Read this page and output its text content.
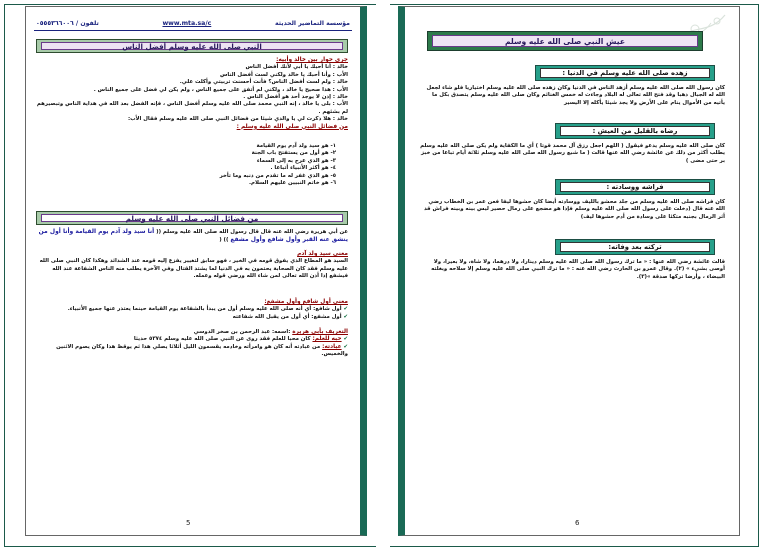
مؤسسة التماضير الحديثة
www.mta.sa/c
تلفون / ٠٥٥٥٣٦٦٠٠٦
النبي صلى الله عليه وسلم أفضل الناس
جرى حوار بين خالد وأبيه:
خالد : أنا أحبك يا أبي لأنك أفضل الناس
الأب : وأنا أحبك يا خالد ولكني لست أفضل الناس
خالد : ولم لست أفضل الناس؟ فأنت أحسنت تربيتي وأكلت علي.
الأب : هذا صحيح يا خالد ، ولكني لم أتفق على جميع الناس ، ولم يكن لي فضل على جميع الناس .
خالد : إذن لا يوجد أحد هو أفضل الناس .
الأب : بلى يا خالد ، إنه النبي محمد صلى الله عليه وسلم أفضل الناس ، فإنه الفضل بعد الله في هداية الناس وتبصيرهم لم بشئهم .
خالد : هلا ذكرت لي يا والدي شيئا من فضائل النبي صلى الله عليه وسلم فقال الأب:
من فضائل النبي صلى الله عليه وسلم :
١- هو سيد ولد آدم يوم القيامة
٢- هو أول من يستفتح باب الجنة
٣- هو الذي عرج به إلى السماء
٤- هو أكثر الأنبياء أتباعا .
٥- هو الذي غفر له ما تقدم من ذنبه وما تأخر
٦- هو خاتم النبيين عليهم السلام.
من فضائل النبي صلى الله عليه وسلم
عن أبي هريرة رضي الله عنه قال قال رسول الله صلى الله عليه وسلم (( أنا سيد ولد آدم يوم القيامة وأنا أول من ينشق عنه القبر وأول شافع وأول مشفع )) (
معنى سيد ولد آدم
السيد هو المطاع الذي يفوق قومه في الخير ، فهو سابق لتغيير يفزع إليه قومه عند الشدائد وهكذا كان النبي صلى الله عليه وسلم فقد كان الصحابة يحتمون به في الدنيا لما يشتد القتال وفي الآخرة يطلب منه الناس الشفاعة عند الله فيشفع إذا أذن الله تعالى لمن شاء الله ورضي قوله وعمله.
معنى أول شافع وأول مشفع:
✔ أول شافع: أي أنه صلى الله عليه وسلم أول من يبدأ بالشفاعة يوم القيامة حينما يعتذر عنها جميع الأنبياء.
✔ أول مشفع: أي أول من يقبل الله شفاعته
التعريف بأبي هريرة :اسمه: عبد الرحمن بن صخر الدوسي
✔ حبه للعلم: كان محبا للعلم فقد روى عن النبي صلى الله عليه وسلم ٥٣٧٤ حديثا
✔ عبادته: من عبادته أنه كان هو وامرأته وخادمه يقسمون الليل أثلاثا يصلي هذا ثم يوقظ هذا وكان يصوم الاثنين والخميس.
5
عيش النبي صلى الله عليه وسلم
زهده صلى الله عليه وسلم في الدنيا :
كان رسول الله صلى الله عليه وسلم أزهد الناس في الدنيا وكان زهده صلى الله عليه وسلم اختياريا فلو شاء لجعل الله له الجبال ذهبا وقد فتح الله تعالى له البلاد وجاءت له خمس الغنائم وكان صلى الله عليه وسلم يتصدق بكل ما يأتيه من الأموال ينام على الأرض ولا يجد شيئا يأكله إلا اليسير
رضاه بالقليل من العيش :
كان صلى الله عليه وسلم يدعو فيقول ( اللهم اجعل رزق آل محمد قوتا ) أي ما الكفاية ولم يكن صلى الله عليه وسلم يطلب أكثر من ذلك عن عائشة رضي الله عنها قالت ( ما شبع رسول الله صلى الله عليه وسلم ثلاثة أيام تباعا من خبز بر حتى مضى )
فراشه ووسادته :
كان فراشه صلى الله عليه وسلم من جلد محشو بالليف ووسادته أيضا كان حشوها ليفا فعن عمر بن الخطاب رضي الله عنه قال (دخلت على رسول الله صلى الله عليه وسلم فإذا هو مضجع على رمال حصير ليس بينه وبينه فراش قد أثر الرمال بجنبه متكئا على وسادة من أدم حشوها ليف)
تركته بعد وفاته:
قالت عائشة رضي الله عنها : « ما ترك رسول الله صلى الله عليه وسلم دينارا، ولا درهما، ولا شاة، ولا بعيرا، ولا أوصى بشيء » (٢). وقال عمرو بن الحارث رضي الله عنه : « ما ترك النبي صلى الله عليه وسلم إلا سلاحه وبغلته البيضاء ، وأرضا تركها صدقة »(٣).
6
